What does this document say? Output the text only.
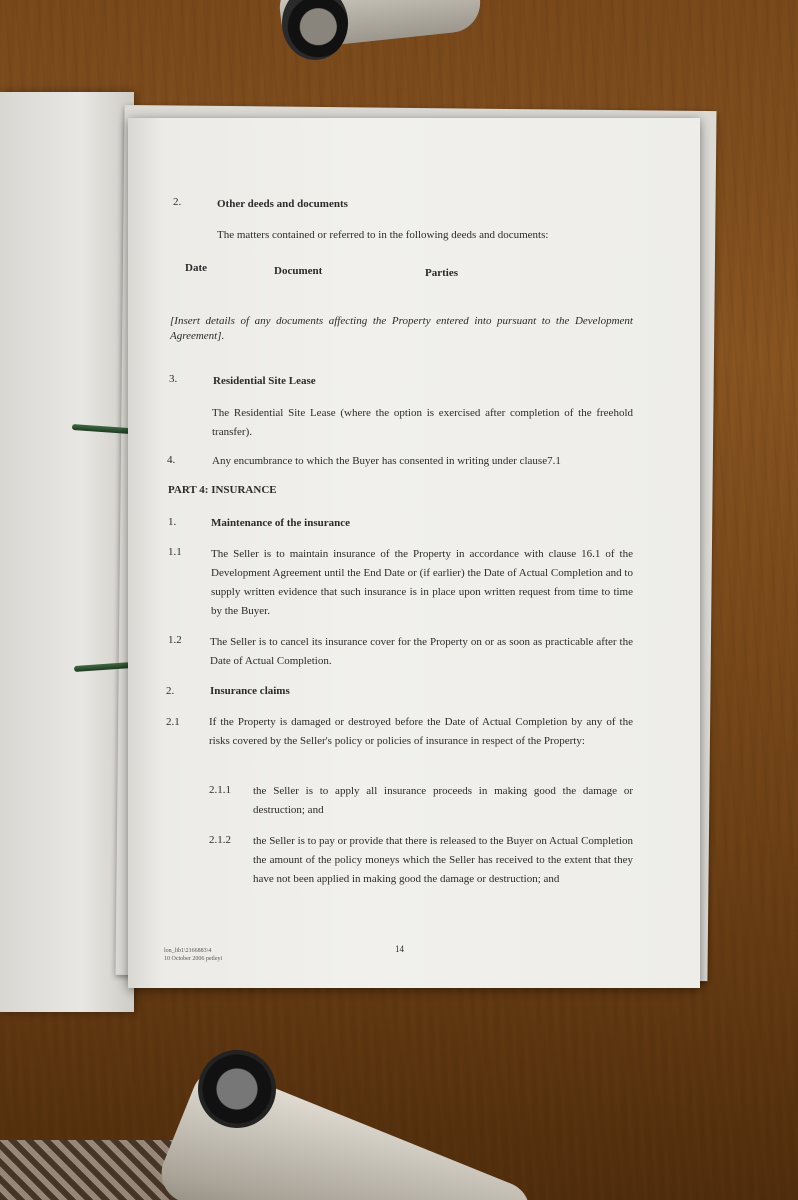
2.	Other deeds and documents
The matters contained or referred to in the following deeds and documents:
Date	Document	Parties
[Insert details of any documents affecting the Property entered into pursuant to the Development Agreement].
3.	Residential Site Lease
The Residential Site Lease (where the option is exercised after completion of the freehold transfer).
4.	Any encumbrance to which the Buyer has consented in writing under clause7.1
PART 4: INSURANCE
1.	Maintenance of the insurance
1.1	The Seller is to maintain insurance of the Property in accordance with clause 16.1 of the Development Agreement until the End Date or (if earlier) the Date of Actual Completion and to supply written evidence that such insurance is in place upon written request from time to time by the Buyer.
1.2	The Seller is to cancel its insurance cover for the Property on or as soon as practicable after the Date of Actual Completion.
2.	Insurance claims
2.1	If the Property is damaged or destroyed before the Date of Actual Completion by any of the risks covered by the Seller's policy or policies of insurance in respect of the Property:
2.1.1 the Seller is to apply all insurance proceeds in making good the damage or destruction; and
2.1.2 the Seller is to pay or provide that there is released to the Buyer on Actual Completion the amount of the policy moneys which the Seller has received to the extent that they have not been applied in making good the damage or destruction; and
lon_lib1\2166883\4
10 October 2006 petleyi
14
